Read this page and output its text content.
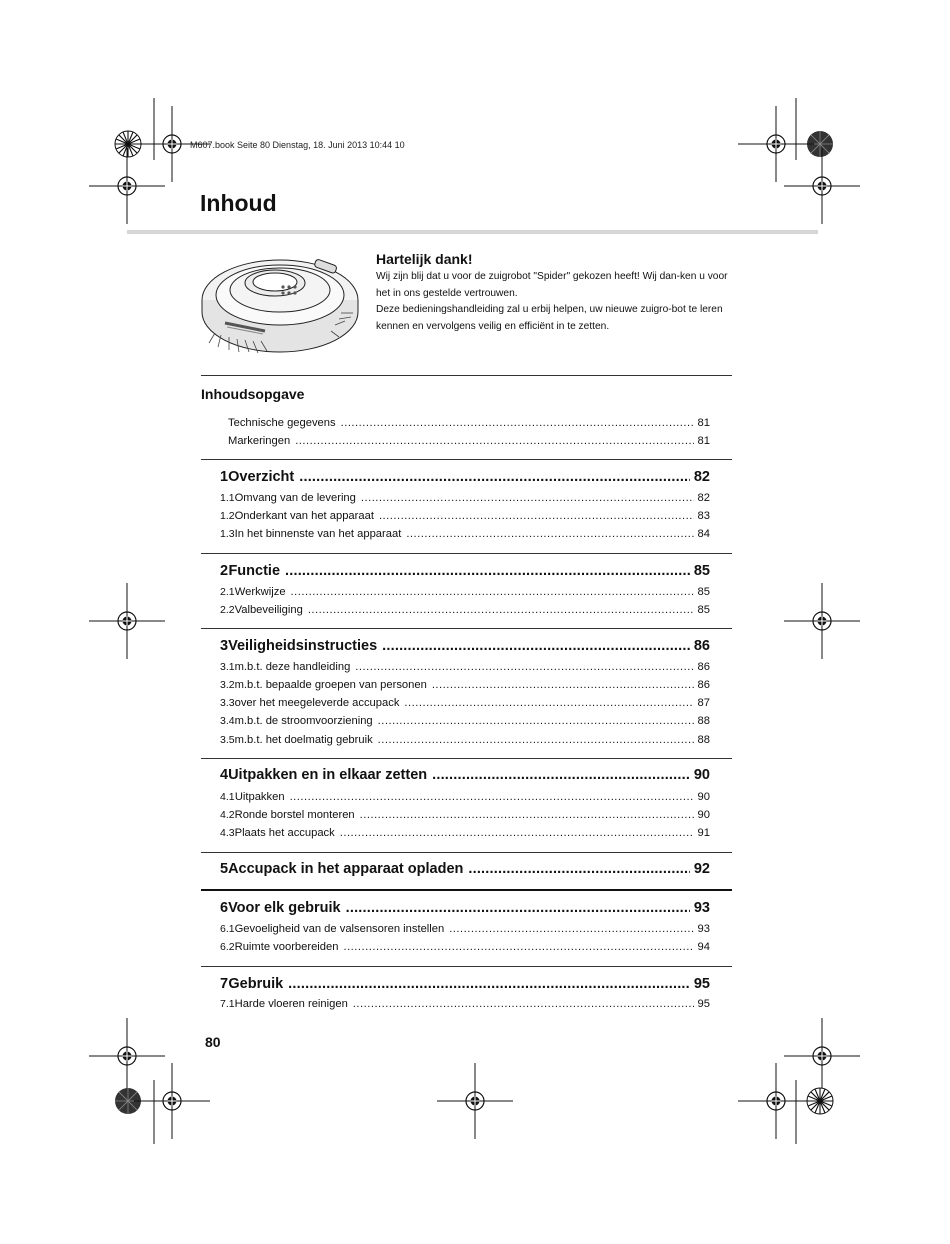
M607.book Seite 80 Dienstag, 18. Juni 2013 10:44 10
Inhoud
Hartelijk dank!
Wij zijn blij dat u voor de zuigrobot "Spider" gekozen heeft! Wij dan-ken u voor het in ons gestelde vertrouwen.
Deze bedieningshandleiding zal u erbij helpen, uw nieuwe zuigro-bot te leren kennen en vervolgens veilig en efficiënt in te zetten.
Inhoudsopgave
Technische gegevens .....	81
Markeringen .....	81
1 Overzicht .....	82
1.1 Omvang van de levering .....	82
1.2 Onderkant van het apparaat .....	83
1.3 In het binnenste van het apparaat .....	84
2 Functie .....	85
2.1 Werkwijze .....	85
2.2 Valbeveiliging .....	85
3 Veiligheidsinstructies .....	86
3.1 m.b.t. deze handleiding .....	86
3.2 m.b.t. bepaalde groepen van personen .....	86
3.3 over het meegeleverde accupack .....	87
3.4 m.b.t. de stroomvoorziening .....	88
3.5 m.b.t. het doelmatig gebruik .....	88
4 Uitpakken en in elkaar zetten .....	90
4.1 Uitpakken .....	90
4.2 Ronde borstel monteren .....	90
4.3 Plaats het accupack .....	91
5 Accupack in het apparaat opladen .....	92
6 Voor elk gebruik .....	93
6.1 Gevoeligheid van de valsensoren instellen .....	93
6.2 Ruimte voorbereiden .....	94
7 Gebruik .....	95
7.1 Harde vloeren reinigen .....	95
80
